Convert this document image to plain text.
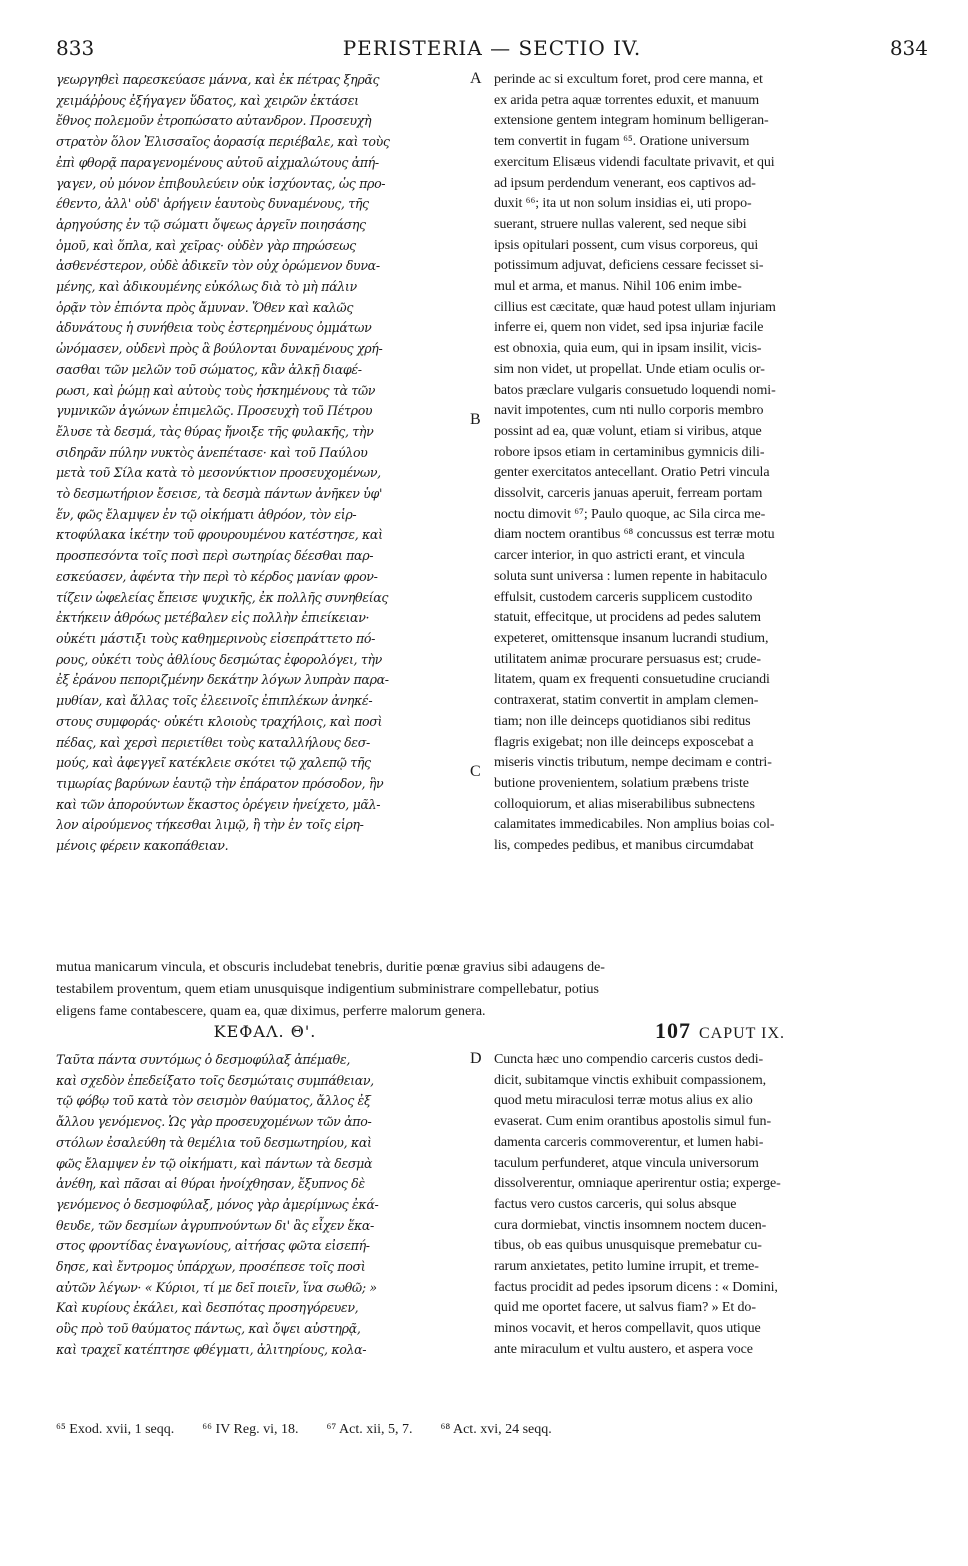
833	PERISTERIA — SECTIO IV.	834
γεωργηθεὶ παρεσκεύασε μάννα, καὶ ἐκ πέτρας ξηρᾶς
χειμάῤῥους ἐξήγαγεν ὕδατος, καὶ χειρῶν ἐκτάσει
ἔθνος πολεμοῦν ἐτροπώσατο αὐτανδρον. Προσευχὴ
στρατὸν ὅλον Ἐλισσαῖος ἀορασίᾳ περιέβαλε, καὶ τοὺς
ἐπὶ φθορᾷ παραγενομένους αὐτοῦ αἰχμαλώτους ἀπή-
γαγεν, οὐ μόνον ἐπιβουλεύειν οὐκ ἰσχύοντας, ὡς προ-
έθεντο, ἀλλ' οὐδ' ἀρήγειν ἑαυτοὺς δυναμένους, τῆς
ἀρηγούσης ἐν τῷ σώματι ὄψεως ἀργεῖν ποιησάσης
ὁμοῦ, καὶ ὅπλα, καὶ χεῖρας· οὐδὲν γὰρ πηρώσεως
ἀσθενέστερον, οὐδὲ ἀδικεῖν τὸν οὐχ ὁρώμενον δυνα-
μένης, καὶ ἀδικουμένης εὐκόλως διὰ τὸ μὴ πάλιν
ὁρᾷν τὸν ἐπιόντα πρὸς ἄμυναν. Ὅθεν καὶ καλῶς
ἀδυνάτους ἡ συνήθεια τοὺς ἐστερημένους ὀμμάτων
ὠνόμασεν, οὐδενὶ πρὸς ἃ βούλονται δυναμένους χρή-
σασθαι τῶν μελῶν τοῦ σώματος, κἂν ἀλκῇ διαφέ-
ρωσι, καὶ ῥώμῃ καὶ αὐτοὺς τοὺς ἠσκημένους τὰ τῶν
γυμνικῶν ἀγώνων ἐπιμελῶς. Προσευχὴ τοῦ Πέτρου
ἔλυσε τὰ δεσμά, τὰς θύρας ἤνοιξε τῆς φυλακῆς, τὴν
σιδηρᾶν πύλην νυκτὸς ἀνεπέτασε· καὶ τοῦ Παύλου
μετὰ τοῦ Σίλα κατὰ τὸ μεσονύκτιον προσευχομένων,
τὸ δεσμωτήριον ἔσεισε, τὰ δεσμὰ πάντων ἀνῆκεν ὑφ'
ἕν, φῶς ἔλαμψεν ἐν τῷ οἰκήματι ἀθρόον, τὸν εἱρ-
κτοφύλακα ἱκέτην τοῦ φρουρουμένου κατέστησε, καὶ
προσπεσόντα τοῖς ποσὶ περὶ σωτηρίας δέεσθαι παρ-
εσκεύασεν, ἀφέντα τὴν περὶ τὸ κέρδος μανίαν φρον-
τίζειν ὠφελείας ἔπεισε ψυχικῆς, ἐκ πολλῆς συνηθείας
ἐκτήκειν ἀθρόως μετέβαλεν εἰς πολλὴν ἐπιείκειαν·
οὐκέτι μάστιξι τοὺς καθημερινοὺς εἰσεπράττετο πό-
ρους, οὐκέτι τοὺς ἀθλίους δεσμώτας ἐφορολόγει, τὴν
ἐξ ἐράνου πεποριζμένην δεκάτην λόγων λυπρὰν παρα-
μυθίαν, καὶ ἄλλας τοῖς ἐλεεινοῖς ἐπιπλέκων ἀνηκέ-
στους συμφοράς· οὐκέτι κλοιοὺς τραχήλοις, καὶ ποσὶ
πέδας, καὶ χερσὶ περιετίθει τοὺς καταλλήλους δεσ-
μούς, καὶ ἀφεγγεῖ κατέκλειε σκότει τῷ χαλεπῷ τῆς
τιμωρίας βαρύνων ἑαυτῷ τὴν ἐπάρατον πρόσοδον, ἣν
καὶ τῶν ἀπορούντων ἕκαστος ὀρέγειν ἠνείχετο, μᾶλ-
λον αἱρούμενος τήκεσθαι λιμῷ, ἢ τὴν ἐν τοῖς εἱρη-
μένοις φέρειν κακοπάθειαν.
perinde ac si excultum foret, prod cere manna, et
ex arida petra aquæ torrentes eduxit, et manuum
extensione gentem integram hominum belligeran-
tem convertit in fugam ⁶⁵. Oratione universum
exercitum Elisæus videndi facultate privavit, et qui
ad ipsum perdendum venerant, eos captivos ad-
duxit ⁶⁶; ita ut non solum insidias ei, uti propo-
suerant, struere nullas valerent, sed neque sibi
ipsis opitulari possent, cum visus corporeus, qui
potissimum adjuvat, deficiens cessare fecisset si-
mul et arma, et manus. Nihil 106 enim imbe-
cillius est cæcitate, quæ haud potest ullam injuriam
inferre ei, quem non videt, sed ipsa injuriæ facile
est obnoxia, quia eum, qui in ipsam insilit, vicis-
sim non videt, ut propellat. Unde etiam oculis or-
batos præclare vulgaris consuetudo loquendi nomi-
navit impotentes, cum nti nullo corporis membro
possint ad ea, quæ volunt, etiam si viribus, atque
robore ipsos etiam in certaminibus gymnicis dili-
genter exercitatos antecellant. Oratio Petri vincula
dissolvit, carceris januas aperuit, ferream portam
noctu dimovit ⁶⁷; Paulo quoque, ac Sila circa me-
diam noctem orantibus ⁶⁸ concussus est terræ motu
carcer interior, in quo astricti erant, et vincula
soluta sunt universa : lumen repente in habitaculo
effulsit, custodem carceris supplicem custodito
statuit, effecitque, ut procidens ad pedes salutem
expeteret, omittensque insanum lucrandi studium,
utilitatem animæ procurare persuasus est; crude-
litatem, quam ex frequenti consuetudine cruciandi
contraxerat, statim convertit in amplam clemen-
tiam; non ille deinceps quotidianos sibi reditus
flagris exigebat; non ille deinceps exposcebat a
miseris vinctis tributum, nempe decimam e contri-
butione provenientem, solatium præbens triste
colloquiorum, et alias miserabilibus subnectens
calamitates immedicabiles. Non amplius boias col-
lis, compedes pedibus, et manibus circumdabat
A
B
C
D
mutua manicarum vincula, et obscuris includebat tenebris, duritie pœnæ gravius sibi adaugens de-
testabilem proventum, quem etiam unusquisque indigentium subministrare compellebatur, potius
eligens fame contabescere, quam ea, quæ diximus, perferre malorum genera.
ΚΕΦΑΛ. Θ'.	107 CAPUT IX.
Ταῦτα πάντα συντόμως ὁ δεσμοφύλαξ ἀπέμαθε,
καὶ σχεδὸν ἐπεδείξατο τοῖς δεσμώταις συμπάθειαν,
τῷ φόβῳ τοῦ κατὰ τὸν σεισμὸν θαύματος, ἄλλος ἐξ
ἄλλου γενόμενος. Ὡς γὰρ προσευχομένων τῶν ἀπο-
στόλων ἐσαλεύθη τὰ θεμέλια τοῦ δεσμωτηρίου, καὶ
φῶς ἔλαμψεν ἐν τῷ οἰκήματι, καὶ πάντων τὰ δεσμὰ
ἀνέθη, καὶ πᾶσαι αἱ θύραι ἠνοίχθησαν, ἔξυπνος δὲ
γενόμενος ὁ δεσμοφύλαξ, μόνος γὰρ ἀμερίμνως ἐκά-
θευδε, τῶν δεσμίων ἀγρυπνούντων δι' ἃς εἶχεν ἕκα-
στος φροντίδας ἐναγωνίους, αἰτήσας φῶτα εἰσεπή-
δησε, καὶ ἔντρομος ὑπάρχων, προσέπεσε τοῖς ποσὶ
αὐτῶν λέγων· « Κύριοι, τί με δεῖ ποιεῖν, ἵνα σωθῶ; »
Καὶ κυρίους ἐκάλει, καὶ δεσπότας προσηγόρευεν,
οὓς πρὸ τοῦ θαύματος πάντως, καὶ ὄψει αὐστηρᾷ,
καὶ τραχεῖ κατέπτησε φθέγματι, ἀλιτηρίους, κολα-
Cuncta hæc uno compendio carceris custos dedi-
dicit, subitamque vinctis exhibuit compassionem,
quod metu miraculosi terræ motus alius ex alio
evaserat. Cum enim orantibus apostolis simul fun-
damenta carceris commoverentur, et lumen habi-
taculum perfunderet, atque vincula universorum
dissolverentur, omniaque aperirentur ostia; experge-
factus vero custos carceris, qui solus absque
cura dormiebat, vinctis insomnem noctem ducen-
tibus, ob eas quibus unusquisque premebatur cu-
rarum anxietates, petito lumine irrupit, et treme-
factus procidit ad pedes ipsorum dicens : « Domini,
quid me oportet facere, ut salvus fiam? » Et do-
minos vocavit, et heros compellavit, quos utique
ante miraculum et vultu austero, et aspera voce
⁶⁵ Exod. xvii, 1 seqq. ⁶⁶ IV Reg. vi, 18. ⁶⁷ Act. xii, 5, 7. ⁶⁸ Act. xvi, 24 seqq.
